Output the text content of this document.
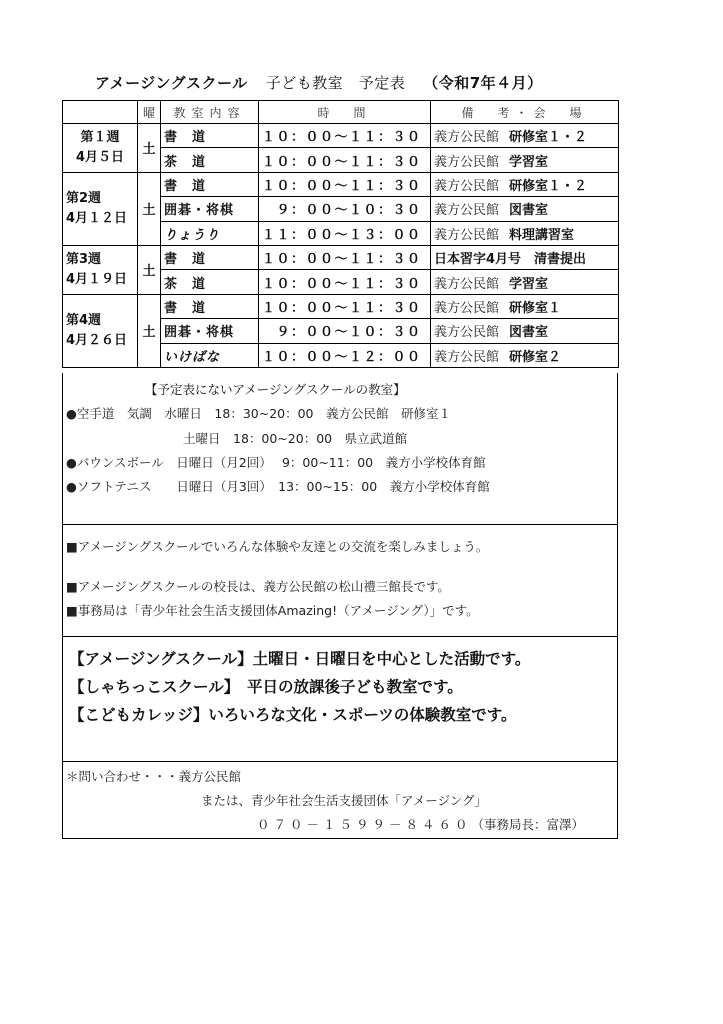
アメージングスクール 子ども教室　予定表 （令和7年４月）
	曜	教室内容	時　間	備　考・会　場

第１週
4月５日	土	書　道	１０：００～１１：３０	義方公民館 研修室１・２
		茶　道	１０：００～１１：３０	義方公民館 学習室

第2週
4月１２日	土	書　道	１０：００～１１：３０	義方公民館 研修室１・２
		囲碁・将棋	　９：００～１０：３０	義方公民館 図書室
		りょうり	１１：００～１３：００	義方公民館 料理講習室

第3週
4月１９日	土	書　道	１０：００～１１：３０	日本習字4月号　清書提出
		茶　道	１０：００～１１：３０	義方公民館 学習室

第4週
4月２６日	土	書　道	１０：００～１１：３０	義方公民館 研修室１
		囲碁・将棋	　９：００～１０：３０	義方公民館 図書室
		いけばな	１０：００～１２：００	義方公民館 研修室２
【予定表にないアメージングスクールの教室】
●空手道　気調　水曜日　18：30~20：00　義方公民館　研修室１
土曜日　18：00~20：00　県立武道館
●バウンスボール　日曜日（月2回）　 9：00~11：00　義方小学校体育館
●ソフトテニス　　日曜日（月3回）　13：00~15：00　義方小学校体育館
■アメージングスクールでいろんな体験や友達との交流を楽しみましょう。
■アメージングスクールの校長は、義方公民館の松山禮三館長です。
■事務局は「青少年社会生活支援団体Amazing!（アメージング）」です。
【アメージングスクール】土曜日・日曜日を中心とした活動です。
【しゃちっこスクール】　平日の放課後子ども教室です。
【こどもカレッジ】いろいろな文化・スポーツの体験教室です。
＊問い合わせ・・・義方公民館
または、青少年社会生活支援団体「アメージング」
０７０－１５９９－８４６０（事務局長：富澤）
